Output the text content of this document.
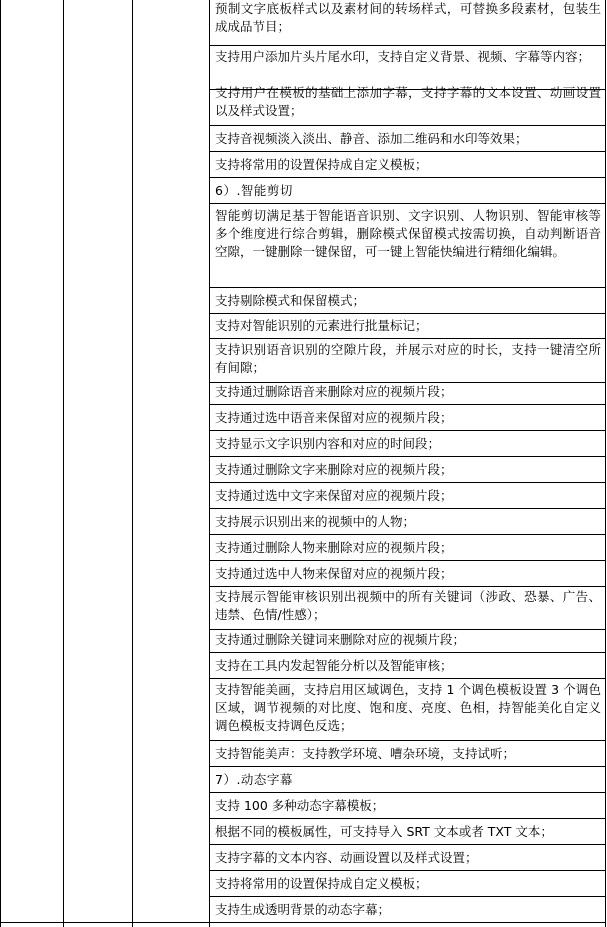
预制文字底板样式以及素材间的转场样式，可替换多段素材，包装生成成品节目；
支持用户添加片头片尾水印，支持自定义背景、视频、字幕等内容；
支持用户在模板的基础上添加字幕，支持字幕的文本设置、动画设置以及样式设置；
支持音视频淡入淡出、静音、添加二维码和水印等效果；
支持将常用的设置保持成自定义模板；
6）.智能剪切
智能剪切满足基于智能语音识别、文字识别、人物识别、智能审核等多个维度进行综合剪辑，删除模式保留模式按需切换，自动判断语音空隙，一键删除一键保留，可一键上智能快编进行精细化编辑。
支持剔除模式和保留模式；
支持对智能识别的元素进行批量标记；
支持识别语音识别的空隙片段，并展示对应的时长，支持一键清空所有间隙；
支持通过删除语音来删除对应的视频片段；
支持通过选中语音来保留对应的视频片段；
支持显示文字识别内容和对应的时间段；
支持通过删除文字来删除对应的视频片段；
支持通过选中文字来保留对应的视频片段；
支持展示识别出来的视频中的人物；
支持通过删除人物来删除对应的视频片段；
支持通过选中人物来保留对应的视频片段；
支持展示智能审核识别出视频中的所有关键词（涉政、恐暴、广告、违禁、色情/性感）；
支持通过删除关键词来删除对应的视频片段；
支持在工具内发起智能分析以及智能审核；
支持智能美画，支持启用区域调色，支持 1 个调色模板设置 3 个调色区域，调节视频的对比度、饱和度、亮度、色相，持智能美化自定义调色模板支持调色反选；
支持智能美声：支持教学环境、嘈杂环境，支持试听；
7）.动态字幕
支持 100 多种动态字幕模板；
根据不同的模板属性，可支持导入 SRT 文本或者 TXT 文本；
支持字幕的文本内容、动画设置以及样式设置；
支持将常用的设置保持成自定义模板；
支持生成透明背景的动态字幕；
